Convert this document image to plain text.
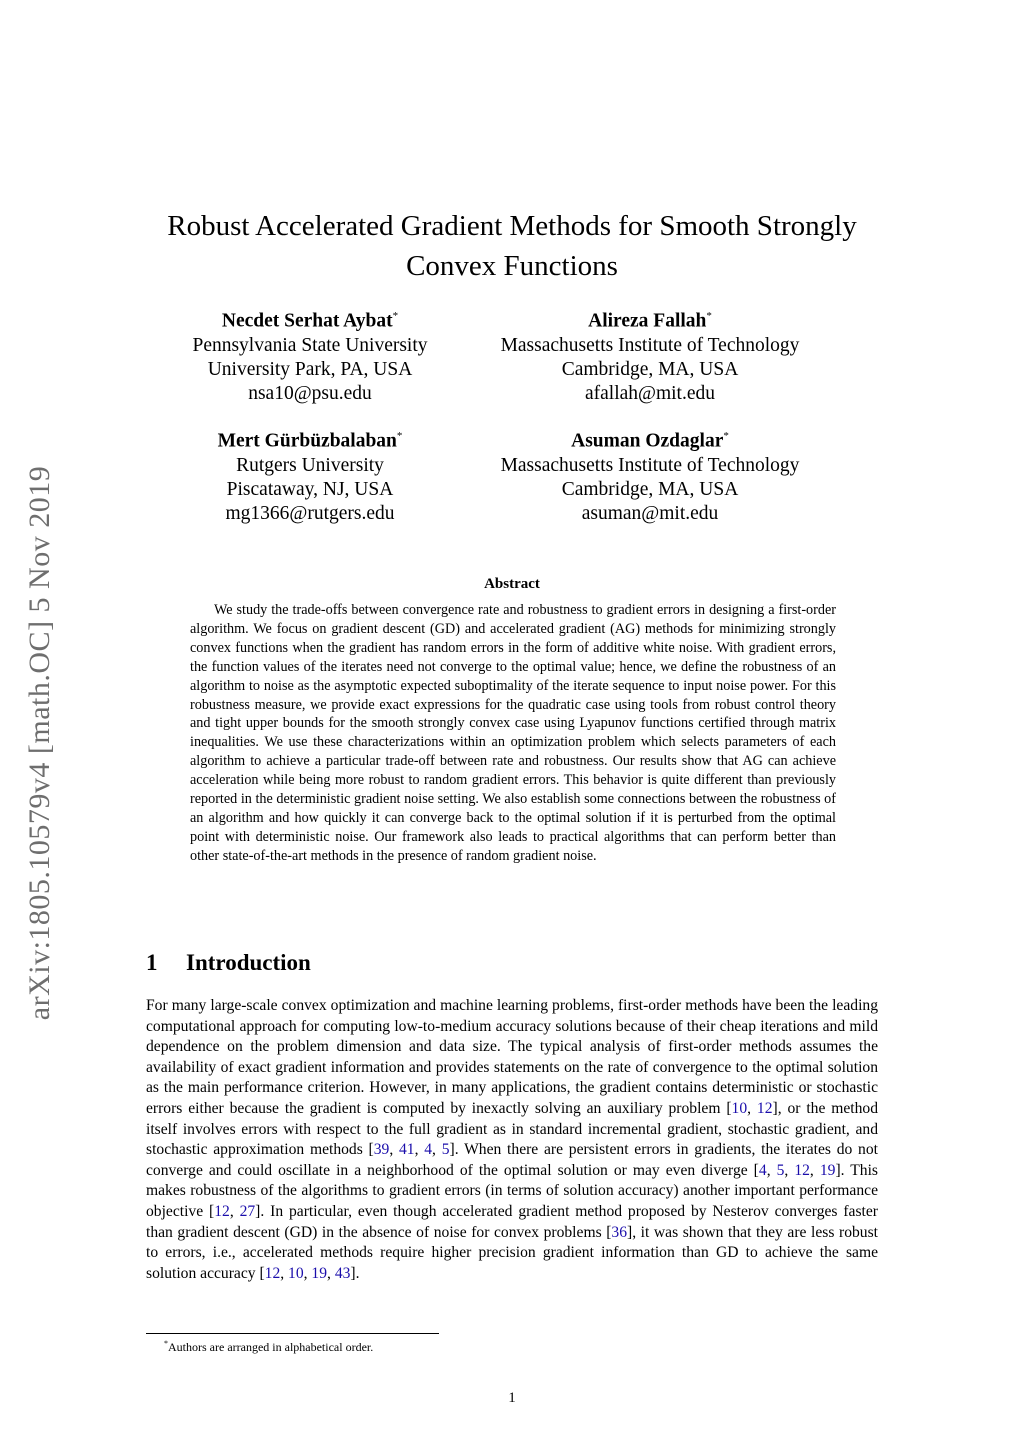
arXiv:1805.10579v4 [math.OC] 5 Nov 2019
Robust Accelerated Gradient Methods for Smooth Strongly Convex Functions
Necdet Serhat Aybat*
Pennsylvania State University
University Park, PA, USA
nsa10@psu.edu
Alireza Fallah*
Massachusetts Institute of Technology
Cambridge, MA, USA
afallah@mit.edu
Mert Gürbüzbalaban*
Rutgers University
Piscataway, NJ, USA
mg1366@rutgers.edu
Asuman Ozdaglar*
Massachusetts Institute of Technology
Cambridge, MA, USA
asuman@mit.edu
Abstract

We study the trade-offs between convergence rate and robustness to gradient errors in designing a first-order algorithm. We focus on gradient descent (GD) and accelerated gradient (AG) methods for minimizing strongly convex functions when the gradient has random errors in the form of additive white noise. With gradient errors, the function values of the iterates need not converge to the optimal value; hence, we define the robustness of an algorithm to noise as the asymptotic expected suboptimality of the iterate sequence to input noise power. For this robustness measure, we provide exact expressions for the quadratic case using tools from robust control theory and tight upper bounds for the smooth strongly convex case using Lyapunov functions certified through matrix inequalities. We use these characterizations within an optimization problem which selects parameters of each algorithm to achieve a particular trade-off between rate and robustness. Our results show that AG can achieve acceleration while being more robust to random gradient errors. This behavior is quite different than previously reported in the deterministic gradient noise setting. We also establish some connections between the robustness of an algorithm and how quickly it can converge back to the optimal solution if it is perturbed from the optimal point with deterministic noise. Our framework also leads to practical algorithms that can perform better than other state-of-the-art methods in the presence of random gradient noise.

1 Introduction

For many large-scale convex optimization and machine learning problems, first-order methods have been the leading computational approach for computing low-to-medium accuracy solutions because of their cheap iterations and mild dependence on the problem dimension and data size. The typical analysis of first-order methods assumes the availability of exact gradient information and provides statements on the rate of convergence to the optimal solution as the main performance criterion. However, in many applications, the gradient contains deterministic or stochastic errors either because the gradient is computed by inexactly solving an auxiliary problem [10, 12], or the method itself involves errors with respect to the full gradient as in standard incremental gradient, stochastic gradient, and stochastic approximation methods [39, 41, 4, 5]. When there are persistent errors in gradients, the iterates do not converge and could oscillate in a neighborhood of the optimal solution or may even diverge [4, 5, 12, 19]. This makes robustness of the algorithms to gradient errors (in terms of solution accuracy) another important performance objective [12, 27]. In particular, even though accelerated gradient method proposed by Nesterov converges faster than gradient descent (GD) in the absence of noise for convex problems [36], it was shown that they are less robust to errors, i.e., accelerated methods require higher precision gradient information than GD to achieve the same solution accuracy [12, 10, 19, 43].

*Authors are arranged in alphabetical order.
1
